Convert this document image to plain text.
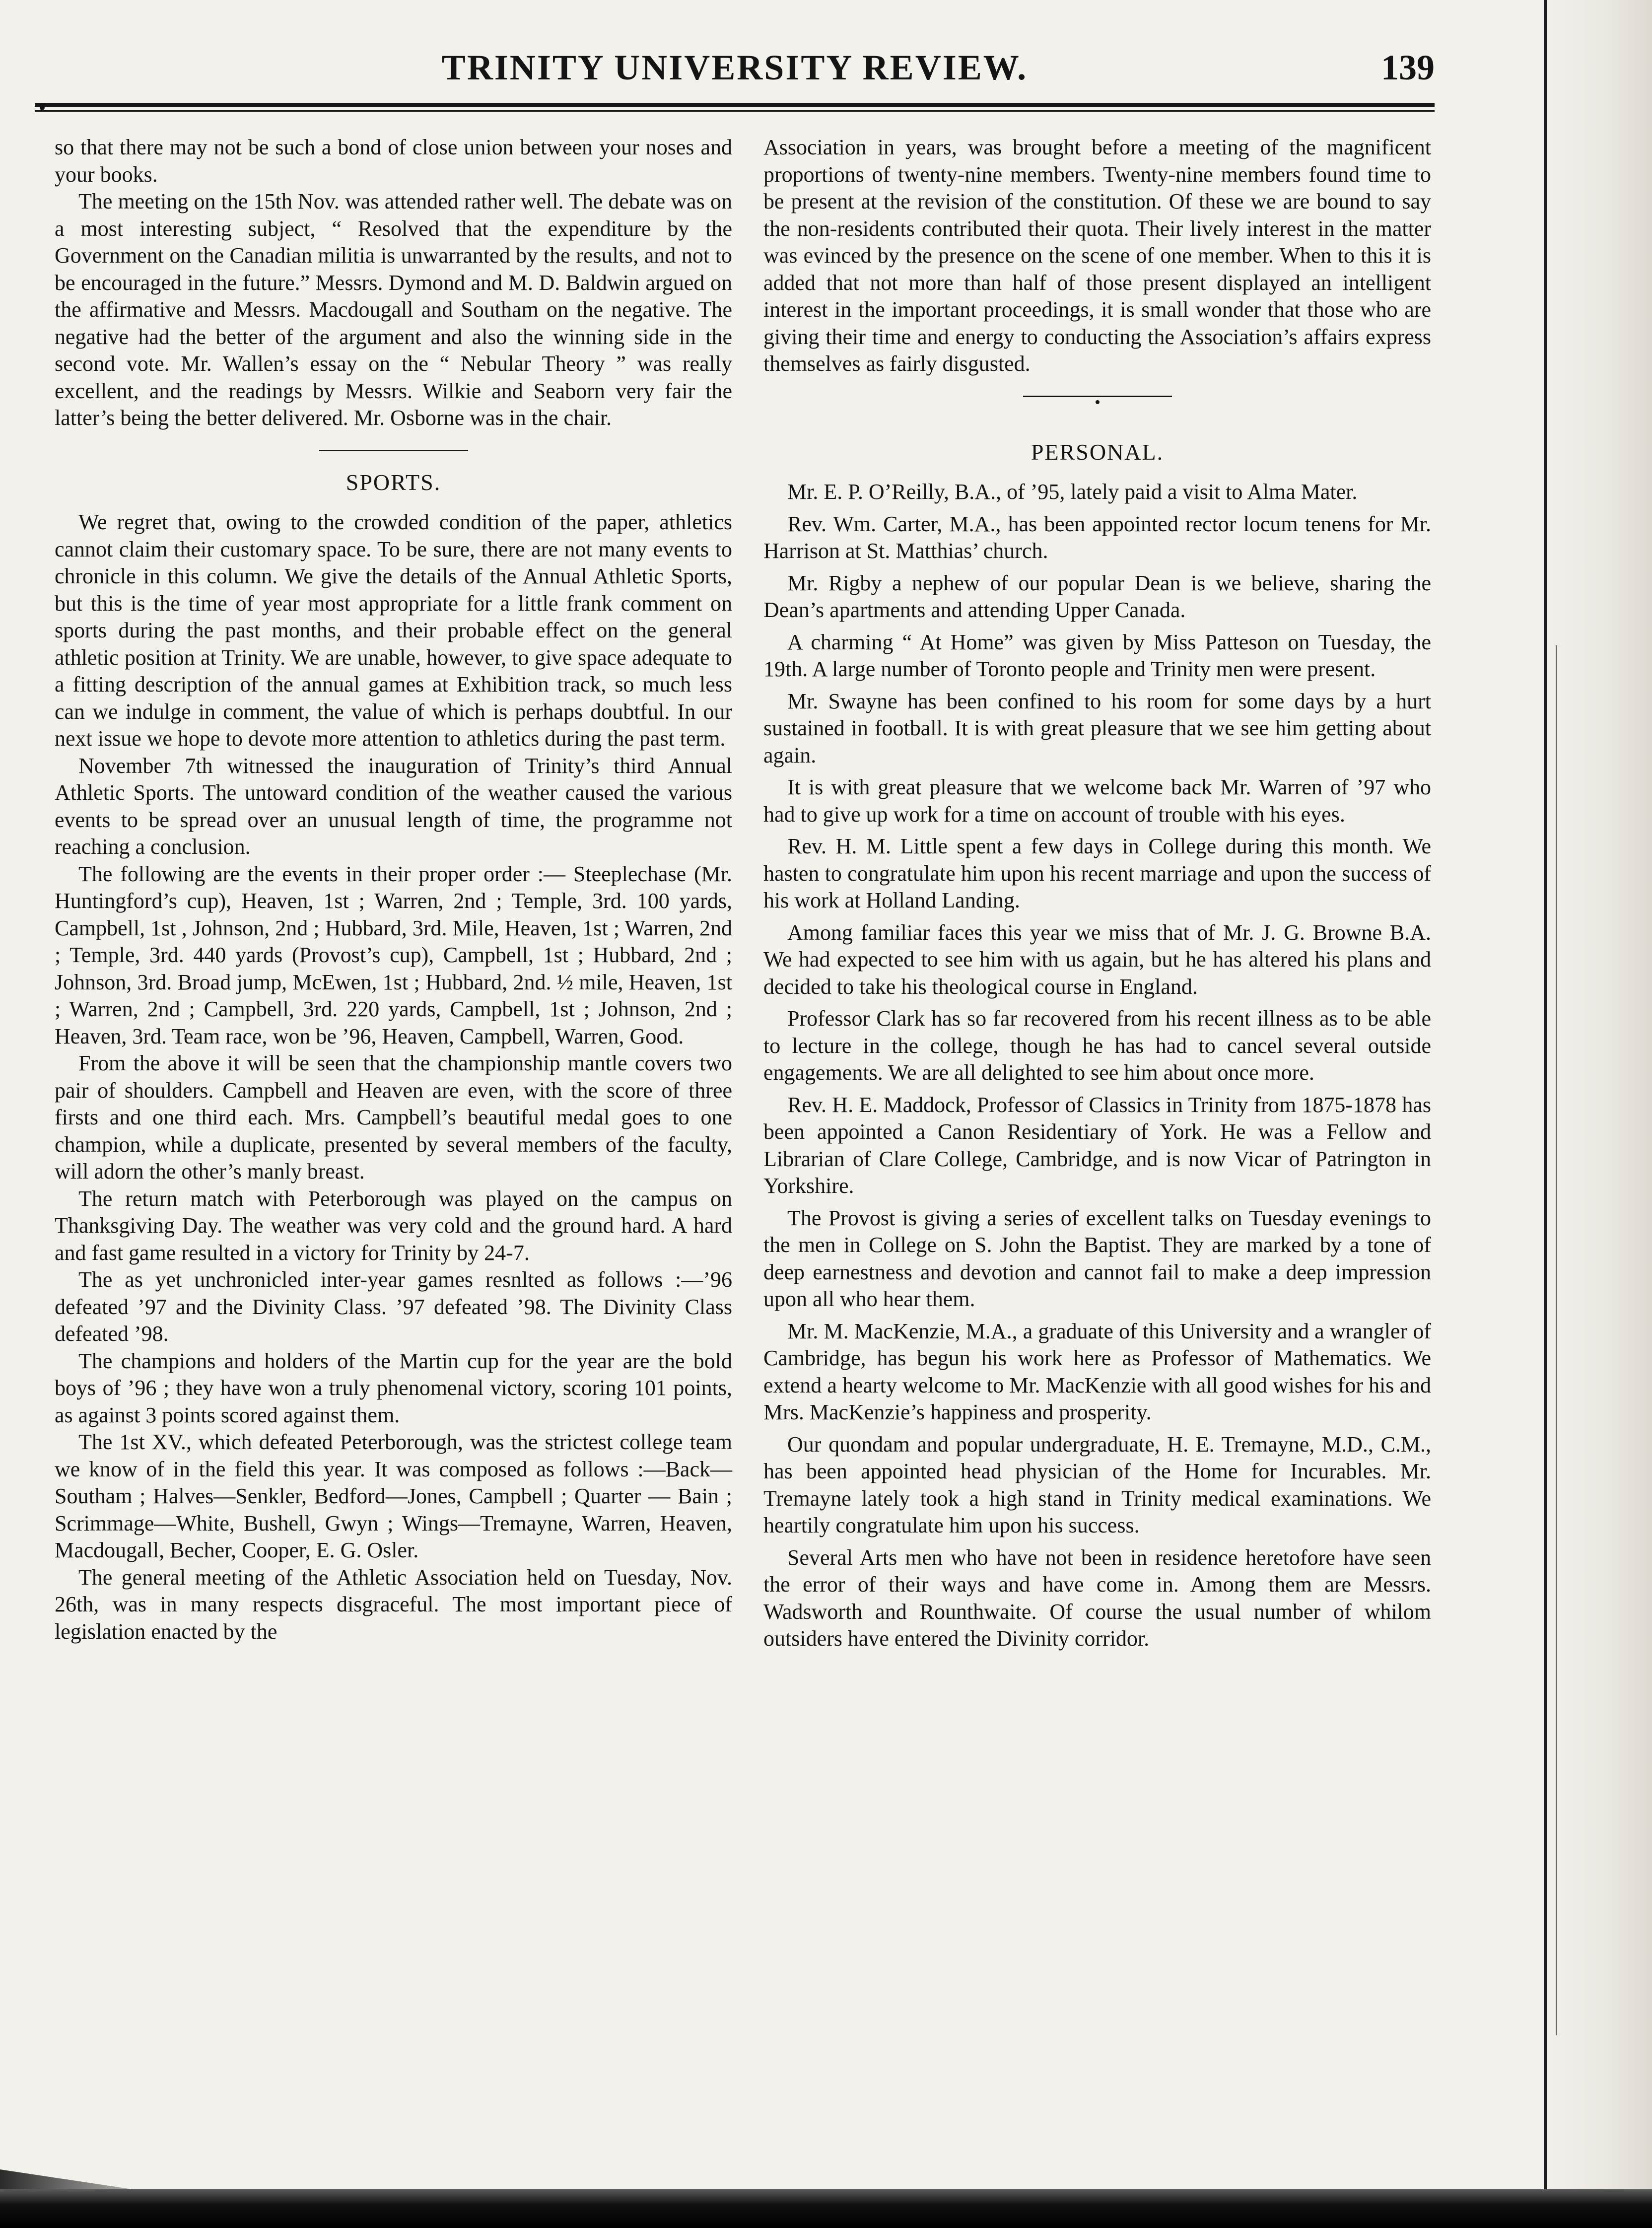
TRINITY UNIVERSITY REVIEW.	139

so that there may not be such a bond of close union between your noses and your books.

The meeting on the 15th Nov. was attended rather well. The debate was on a most interesting subject, “ Resolved that the expenditure by the Government on the Canadian militia is unwarranted by the results, and not to be encouraged in the future.” Messrs. Dymond and M. D. Baldwin argued on the affirmative and Messrs. Macdougall and Southam on the negative. The negative had the better of the argument and also the winning side in the second vote. Mr. Wallen’s essay on the “ Nebular Theory ” was really excellent, and the readings by Messrs. Wilkie and Seaborn very fair the latter’s being the better delivered. Mr. Osborne was in the chair.

SPORTS.

We regret that, owing to the crowded condition of the paper, athletics cannot claim their customary space. To be sure, there are not many events to chronicle in this column. We give the details of the Annual Athletic Sports, but this is the time of year most appropriate for a little frank comment on sports during the past months, and their probable effect on the general athletic position at Trinity. We are unable, however, to give space adequate to a fitting description of the annual games at Exhibition track, so much less can we indulge in comment, the value of which is perhaps doubtful. In our next issue we hope to devote more attention to athletics during the past term.

November 7th witnessed the inauguration of Trinity’s third Annual Athletic Sports. The untoward condition of the weather caused the various events to be spread over an unusual length of time, the programme not reaching a conclusion.

The following are the events in their proper order :— Steeplechase (Mr. Huntingford’s cup), Heaven, 1st ; Warren, 2nd ; Temple, 3rd. 100 yards, Campbell, 1st , Johnson, 2nd ; Hubbard, 3rd. Mile, Heaven, 1st ; Warren, 2nd ; Temple, 3rd. 440 yards (Provost’s cup), Campbell, 1st ; Hubbard, 2nd ; Johnson, 3rd. Broad jump, McEwen, 1st ; Hubbard, 2nd. ½ mile, Heaven, 1st ; Warren, 2nd ; Campbell, 3rd. 220 yards, Campbell, 1st ; Johnson, 2nd ; Heaven, 3rd. Team race, won be ’96, Heaven, Campbell, Warren, Good.

From the above it will be seen that the championship mantle covers two pair of shoulders. Campbell and Heaven are even, with the score of three firsts and one third each. Mrs. Campbell’s beautiful medal goes to one champion, while a duplicate, presented by several members of the faculty, will adorn the other’s manly breast.

The return match with Peterborough was played on the campus on Thanksgiving Day. The weather was very cold and the ground hard. A hard and fast game resulted in a victory for Trinity by 24-7.

The as yet unchronicled inter-year games resnlted as follows :—’96 defeated ’97 and the Divinity Class. ’97 defeated ’98. The Divinity Class defeated ’98.

The champions and holders of the Martin cup for the year are the bold boys of ’96 ; they have won a truly phenomenal victory, scoring 101 points, as against 3 points scored against them.

The 1st XV., which defeated Peterborough, was the strictest college team we know of in the field this year. It was composed as follows :—Back—Southam ; Halves—Senkler, Bedford—Jones, Campbell ; Quarter — Bain ; Scrimmage—White, Bushell, Gwyn ; Wings—Tremayne, Warren, Heaven, Macdougall, Becher, Cooper, E. G. Osler.

The general meeting of the Athletic Association held on Tuesday, Nov. 26th, was in many respects disgraceful. The most important piece of legislation enacted by the

Association in years, was brought before a meeting of the magnificent proportions of twenty-nine members. Twenty-nine members found time to be present at the revision of the constitution. Of these we are bound to say the non-residents contributed their quota. Their lively interest in the matter was evinced by the presence on the scene of one member. When to this it is added that not more than half of those present displayed an intelligent interest in the important proceedings, it is small wonder that those who are giving their time and energy to conducting the Association’s affairs express themselves as fairly disgusted.

PERSONAL.

Mr. E. P. O’Reilly, B.A., of ’95, lately paid a visit to Alma Mater.

Rev. Wm. Carter, M.A., has been appointed rector locum tenens for Mr. Harrison at St. Matthias’ church.

Mr. Rigby a nephew of our popular Dean is we believe, sharing the Dean’s apartments and attending Upper Canada.

A charming “ At Home” was given by Miss Patteson on Tuesday, the 19th. A large number of Toronto people and Trinity men were present.

Mr. Swayne has been confined to his room for some days by a hurt sustained in football. It is with great pleasure that we see him getting about again.

It is with great pleasure that we welcome back Mr. Warren of ’97 who had to give up work for a time on account of trouble with his eyes.

Rev. H. M. Little spent a few days in College during this month. We hasten to congratulate him upon his recent marriage and upon the success of his work at Holland Landing.

Among familiar faces this year we miss that of Mr. J. G. Browne B.A. We had expected to see him with us again, but he has altered his plans and decided to take his theological course in England.

Professor Clark has so far recovered from his recent illness as to be able to lecture in the college, though he has had to cancel several outside engagements. We are all delighted to see him about once more.

Rev. H. E. Maddock, Professor of Classics in Trinity from 1875-1878 has been appointed a Canon Residentiary of York. He was a Fellow and Librarian of Clare College, Cambridge, and is now Vicar of Patrington in Yorkshire.

The Provost is giving a series of excellent talks on Tuesday evenings to the men in College on S. John the Baptist. They are marked by a tone of deep earnestness and devotion and cannot fail to make a deep impression upon all who hear them.

Mr. M. MacKenzie, M.A., a graduate of this University and a wrangler of Cambridge, has begun his work here as Professor of Mathematics. We extend a hearty welcome to Mr. MacKenzie with all good wishes for his and Mrs. MacKenzie’s happiness and prosperity.

Our quondam and popular undergraduate, H. E. Tremayne, M.D., C.M., has been appointed head physician of the Home for Incurables. Mr. Tremayne lately took a high stand in Trinity medical examinations. We heartily congratulate him upon his success.

Several Arts men who have not been in residence heretofore have seen the error of their ways and have come in. Among them are Messrs. Wadsworth and Rounthwaite. Of course the usual number of whilom outsiders have entered the Divinity corridor.
